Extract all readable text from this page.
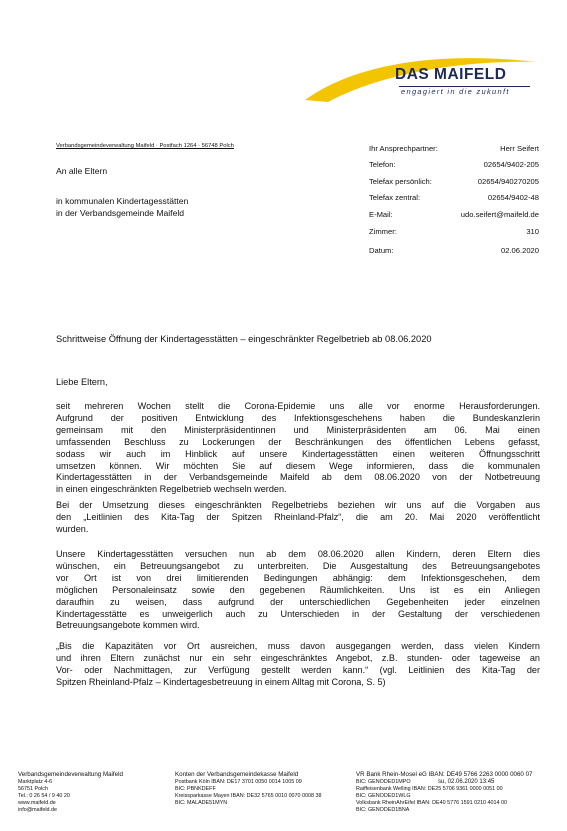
DAS MAIFELD
engagiert in die zukunft
Verbandsgemeindeverwaltung Maifeld · Postfach 1264 · 56748 Polch
An alle Eltern
in kommunalen Kindertagesstätten
in der Verbandsgemeinde Maifeld
Ihr Ansprechpartner:	Herr Seifert
Telefon:	02654/9402-205
Telefax persönlich:	02654/940270205
Telefax zentral:	02654/9402-48
E-Mail:	udo.seifert@maifeld.de
Zimmer:	310
Datum:	02.06.2020
Schrittweise Öffnung der Kindertagesstätten – eingeschränkter Regelbetrieb ab 08.06.2020
Liebe Eltern,
seit mehreren Wochen stellt die Corona-Epidemie uns alle vor enorme Herausforderungen.
Aufgrund der positiven Entwicklung des Infektionsgeschehens haben die Bundeskanzlerin
gemeinsam mit den Ministerpräsidentinnen und Ministerpräsidenten am 06. Mai einen
umfassenden Beschluss zu Lockerungen der Beschränkungen des öffentlichen Lebens gefasst,
sodass wir auch im Hinblick auf unsere Kindertagesstätten einen weiteren Öffnungsschritt
umsetzen können. Wir möchten Sie auf diesem Wege informieren, dass die kommunalen
Kindertagesstätten in der Verbandsgemeinde Maifeld ab dem 08.06.2020 von der Notbetreuung
in einen eingeschränkten Regelbetrieb wechseln werden.
Bei der Umsetzung dieses eingeschränkten Regelbetriebs beziehen wir uns auf die Vorgaben aus
den „Leitlinien des Kita-Tag der Spitzen Rheinland-Pfalz“, die am 20. Mai 2020 veröffentlicht
wurden.
Unsere Kindertagesstätten versuchen nun ab dem 08.06.2020 allen Kindern, deren Eltern dies
wünschen, ein Betreuungsangebot zu unterbreiten. Die Ausgestaltung des Betreuungsangebotes
vor Ort ist von drei limitierenden Bedingungen abhängig: dem Infektionsgeschehen, dem
möglichen Personaleinsatz sowie den gegebenen Räumlichkeiten. Uns ist es ein Anliegen
daraufhin zu weisen, dass aufgrund der unterschiedlichen Gegebenheiten jeder einzelnen
Kindertagesstätte es unweigerlich auch zu Unterschieden in der Gestaltung der verschiedenen
Betreuungsangebote kommen wird.
„Bis die Kapazitäten vor Ort ausreichen, muss davon ausgegangen werden, dass vielen Kindern
und ihren Eltern zunächst nur ein sehr eingeschränktes Angebot, z.B. stunden- oder tageweise an
Vor- oder Nachmittagen, zur Verfügung gestellt werden kann.“ (vgl. Leitlinien des Kita-Tag der
Spitzen Rheinland-Pfalz – Kindertagesbetreuung in einem Alltag mit Corona, S. 5)
Verbandsgemeindeverwaltung Maifeld
Marktplatz 4-6
56751 Polch
Tel.: 0 26 54 / 9 40 20
www.maifeld.de
info@maifeld.de
Konten der Verbandsgemeindekasse Maifeld
Postbank Köln IBAN: DE17 3701 0050 0014 1005 09
BIC: PBNKDEFF
Kreissparkasse Mayen IBAN: DE32 5765 0010 0070 0008 38
BIC: MALADE51MYN
VR Bank Rhein-Mosel eG IBAN: DE49 5766 2263 0000 0060 07
BIC: GENODED1MPO
Raiffeisenbank Welling IBAN: DE25 5706 9361 0000 0051 00
BIC: GENODED1WLG
Volksbank RheinAhrEifel IBAN: DE40 5776 1591 0210 4014 00
BIC: GENODED1BNA
su, 02.06.2020 13:45
